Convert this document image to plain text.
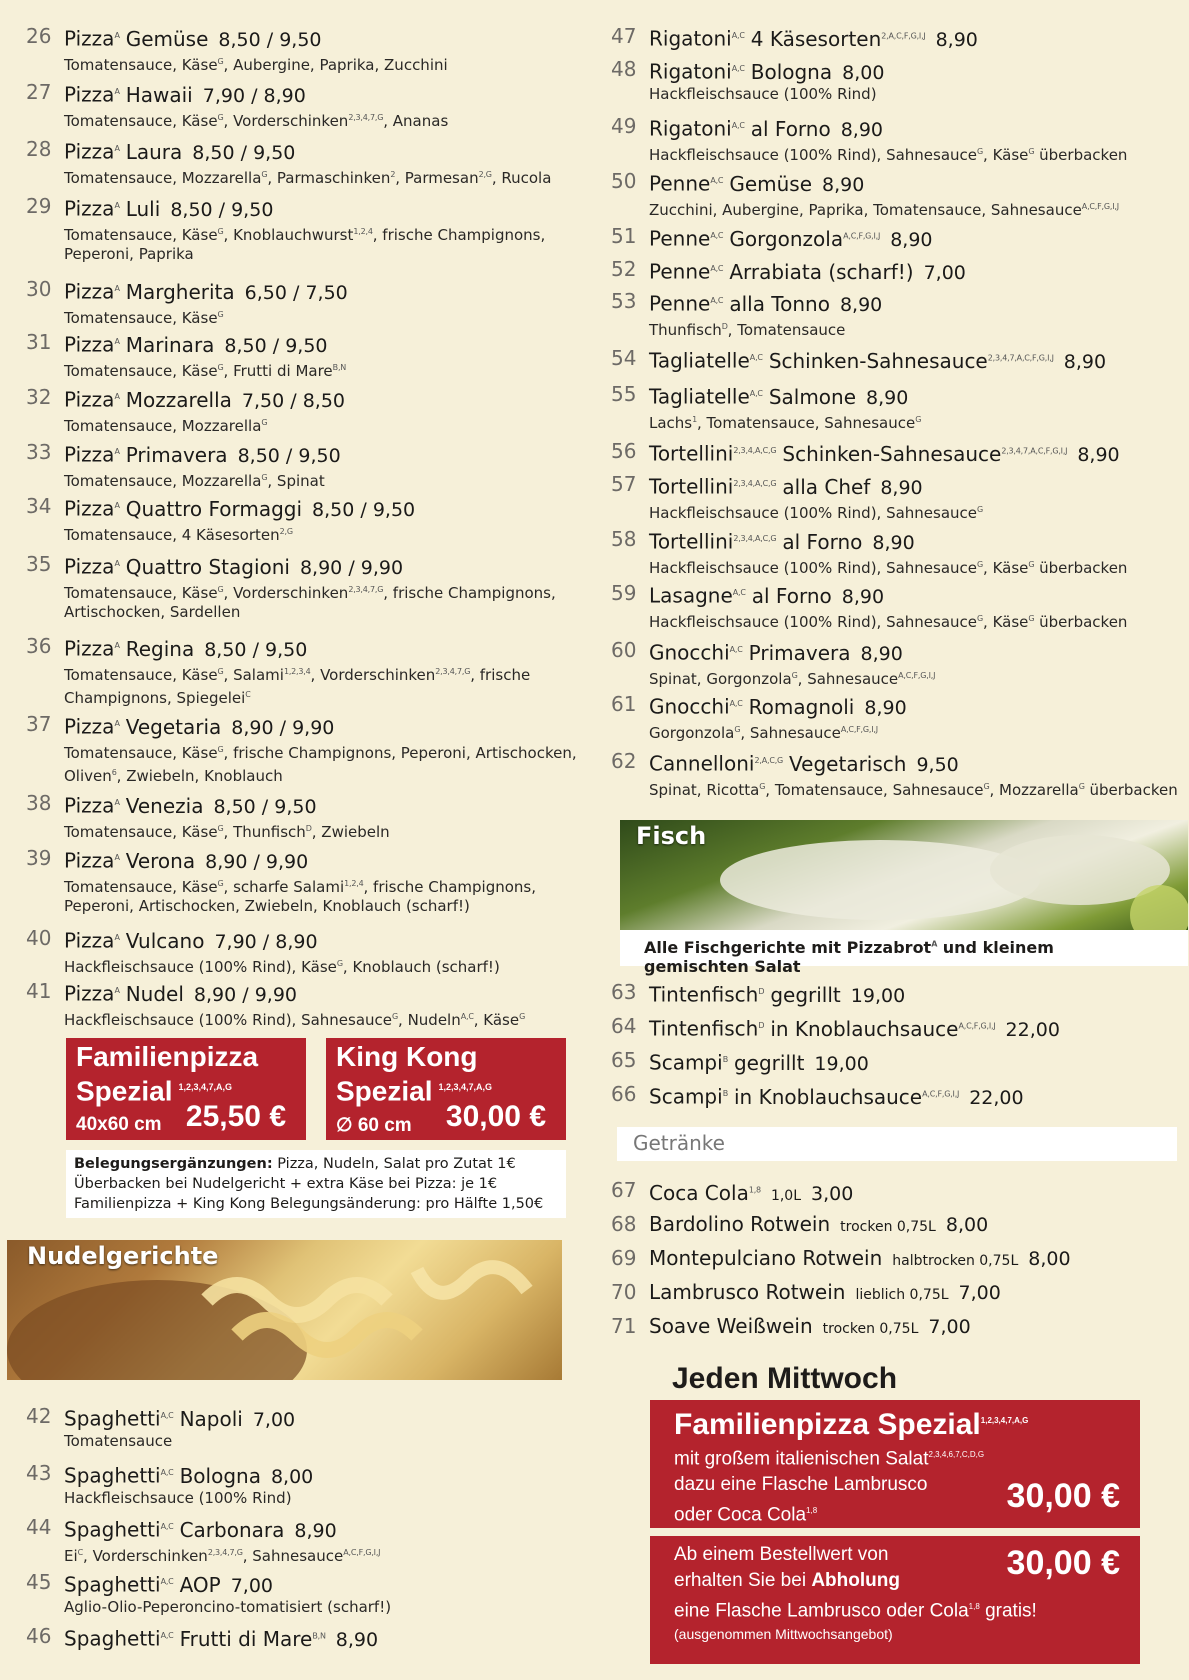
26 Pizza$^A$ Gemüse 8,50 / 9,50
Tomatensauce, Käse$^G$, Aubergine, Paprika, Zucchini
27 Pizza$^A$ Hawaii 7,90 / 8,90
Tomatensauce, Käse$^G$, Vorderschinken$^{2,3,4,7,G}$, Ananas
28 Pizza$^A$ Laura 8,50 / 9,50
Tomatensauce, Mozzarella$^G$, Parmaschinken$^2$, Parmesan$^{2,G}$, Rucola
29 Pizza$^A$ Luli 8,50 / 9,50
Tomatensauce, Käse$^G$, Knoblauchwurst$^{1,2,4}$, frische Champignons, Peperoni, Paprika
30 Pizza$^A$ Margherita 6,50 / 7,50
Tomatensauce, Käse$^G$
31 Pizza$^A$ Marinara 8,50 / 9,50
Tomatensauce, Käse$^G$, Frutti di Mare$^{B,N}$
32 Pizza$^A$ Mozzarella 7,50 / 8,50
Tomatensauce, Mozzarella$^G$
33 Pizza$^A$ Primavera 8,50 / 9,50
Tomatensauce, Mozzarella$^G$, Spinat
34 Pizza$^A$ Quattro Formaggi 8,50 / 9,50
Tomatensauce, 4 Käsesorten$^{2,G}$
35 Pizza$^A$ Quattro Stagioni 8,90 / 9,90
Tomatensauce, Käse$^G$, Vorderschinken$^{2,3,4,7,G}$, frische Champignons, Artischocken, Sardellen
36 Pizza$^A$ Regina 8,50 / 9,50
Tomatensauce, Käse$^G$, Salami$^{1,2,3,4}$, Vorderschinken$^{2,3,4,7,G}$, frische Champignons, Spiegelei$^C$
37 Pizza$^A$ Vegetaria 8,90 / 9,90
Tomatensauce, Käse$^G$, frische Champignons, Peperoni, Artischocken, Oliven$^6$, Zwiebeln, Knoblauch
38 Pizza$^A$ Venezia 8,50 / 9,50
Tomatensauce, Käse$^G$, Thunfisch$^D$, Zwiebeln
39 Pizza$^A$ Verona 8,90 / 9,90
Tomatensauce, Käse$^G$, scharfe Salami$^{1,2,4}$, frische Champignons, Peperoni, Artischocken, Zwiebeln, Knoblauch (scharf!)
40 Pizza$^A$ Vulcano 7,90 / 8,90
Hackfleischsauce (100% Rind), Käse$^G$, Knoblauch (scharf!)
41 Pizza$^A$ Nudel 8,90 / 9,90
Hackfleischsauce (100% Rind), Sahnesauce$^G$, Nudeln$^{A,C}$, Käse$^G$
Familienpizza
Spezial $^{1,2,3,4,7,A,G}$
40x60 cm 25,50 €
King Kong
Spezial $^{1,2,3,4,7,A,G}$
∅ 60 cm	30,00 €
Belegungsergänzungen: Pizza, Nudeln, Salat pro Zutat 1€
Überbacken bei Nudelgericht + extra Käse bei Pizza: je 1€
Familienpizza + King Kong Belegungsänderung: pro Hälfte 1,50€
Nudelgerichte
42 Spaghetti$^{A,C}$ Napoli 7,00
Tomatensauce
43 Spaghetti$^{A,C}$ Bologna 8,00
Hackfleischsauce (100% Rind)
44 Spaghetti$^{A,C}$ Carbonara 8,90
$Ei^C$, Vorderschinken$^{2,3,4,7,G}$, Sahnesauce$^{A,C,F,G,I,J}$
45 Spaghetti$^{A,C}$ AOP 7,00
Aglio-Olio-Peperoncino-tomatisiert (scharf!)
46 Spaghetti$^{A,C}$ Frutti di Mare$^{B,N}$ 8,90
47 Rigatoni$^{A,C}$ 4 Käsesorten$^{2,A,C,F,G,I,J}$ 8,90
48 Rigatoni$^{A,C}$ Bologna 8,00
Hackfleischsauce (100% Rind)
49 Rigatoni$^{A,C}$ al Forno 8,90
Hackfleischsauce (100% Rind), Sahnesauce$^G$, Käse$^G$ überbacken
50 Penne$^{A,C}$ Gemüse 8,90
Zucchini, Aubergine, Paprika, Tomatensauce, Sahnesauce$^{A,C,F,G,I,J}$
51 Penne$^{A,C}$ Gorgonzola$^{A,C,F,G,I,J}$ 8,90
52 Penne$^{A,C}$ Arrabiata (scharf!) 7,00
53 Penne$^{A,C}$ alla Tonno 8,90
Thunfisch$^D$, Tomatensauce
54 Tagliatelle$^{A,C}$ Schinken-Sahnesauce$^{2,3,4,7,A,C,F,G,I,J}$ 8,90
55 Tagliatelle$^{A,C}$ Salmone 8,90
Lachs$^1$, Tomatensauce, Sahnesauce$^G$
56 Tortellini$^{2,3,4,A,C,G}$ Schinken-Sahnesauce$^{2,3,4,7,A,C,F,G,I,J}$ 8,90
57 Tortellini$^{2,3,4,A,C,G}$ alla Chef 8,90
Hackfleischsauce (100% Rind), Sahnesauce$^G$
58 Tortellini$^{2,3,4,A,C,G}$ al Forno 8,90
Hackfleischsauce (100% Rind), Sahnesauce$^G$, Käse$^G$ überbacken
59 Lasagne$^{A,C}$ al Forno 8,90
Hackfleischsauce (100% Rind), Sahnesauce$^G$, Käse$^G$ überbacken
60 Gnocchi$^{A,C}$ Primavera 8,90
Spinat, Gorgonzola$^G$, Sahnesauce$^{A,C,F,G,I,J}$
61 Gnocchi$^{A,C}$ Romagnoli 8,90
Gorgonzola$^G$, Sahnesauce$^{A,C,F,G,I,J}$
62 Cannelloni$^{2,A,C,G}$ Vegetarisch 9,50
Spinat, Ricotta$^G$, Tomatensauce, Sahnesauce$^G$, Mozzarella$^G$ überbacken
Fisch
Alle Fischgerichte mit Pizzabrot$^A$ und kleinem gemischten Salat
63 Tintenfisch$^D$ gegrillt 19,00
64 Tintenfisch$^D$ in Knoblauchsauce$^{A,C,F,G,I,J}$ 22,00
65 Scampi$^B$ gegrillt 19,00
66 Scampi$^B$ in Knoblauchsauce$^{A,C,F,G,I,J}$ 22,00
Getränke
67 Coca Cola$^{1,8}$ 1,0L 3,00
68 Bardolino Rotwein trocken 0,75L 8,00
69 Montepulciano Rotwein halbtrocken 0,75L 8,00
70 Lambrusco Rotwein lieblich 0,75L 7,00
71 Soave Weißwein trocken 0,75L 7,00
Jeden Mittwoch
Familienpizza Spezial$^{1,2,3,4,7,A,G}$
mit großem italienischen Salat$^{2,3,4,6,7,C,D,G}$
dazu eine Flasche Lambrusco
oder Coca Cola$^{1,8}$	30,00 €
Ab einem Bestellwert von
erhalten Sie bei Abholung
eine Flasche Lambrusco oder Cola$^{1,8}$ gratis!
(ausgenommen Mittwochsangebot)
30,00 €
